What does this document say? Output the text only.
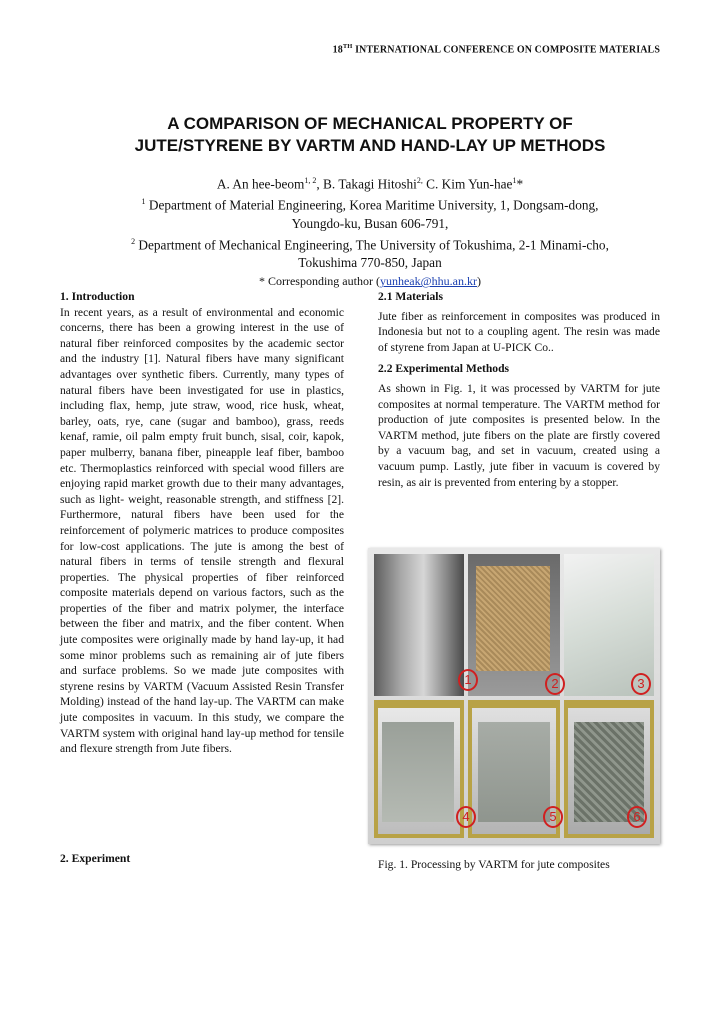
18TH INTERNATIONAL CONFERENCE ON COMPOSITE MATERIALS
A COMPARISON OF MECHANICAL PROPERTY OF
JUTE/STYRENE BY VARTM AND HAND-LAY UP METHODS
A. An hee-beom$^{1, 2}$, B. Takagi Hitoshi$^{2,}$ C. Kim Yun-hae$^1$*
$^1$ Department of Material Engineering, Korea Maritime University, 1, Dongsam-dong,
Youngdo-ku, Busan 606-791,
$^2$ Department of Mechanical Engineering, The University of Tokushima, 2-1 Minami-cho,
Tokushima 770-850, Japan
* Corresponding author (yunheak@hhu.an.kr)
1. Introduction

In recent years, as a result of environmental and economic concerns, there has been a growing interest in the use of natural fiber reinforced composites by the academic sector and the industry [1]. Natural fibers have many significant advantages over synthetic fibers. Currently, many types of natural fibers have been investigated for use in plastics, including flax, hemp, jute straw, wood, rice husk, wheat, barley, oats, rye, cane (sugar and bamboo), grass, reeds kenaf, ramie, oil palm empty fruit bunch, sisal, coir, kapok, paper mulberry, banana fiber, pineapple leaf fiber, bamboo etc. Thermoplastics reinforced with special wood fillers are enjoying rapid market growth due to their many advantages, such as light- weight, reasonable strength, and stiffness [2]. Furthermore, natural fibers have been used for the reinforcement of polymeric matrices to produce composites for low-cost applications. The jute is among the best of natural fibers in terms of tensile strength and flexural properties. The physical properties of fiber reinforced composite materials depend on various factors, such as the properties of the fiber and matrix polymer, the interface between the fiber and matrix, and the fiber content. When jute composites were originally made by hand lay-up, it had some minor problems such as remaining air of jute fibers and surface problems. So we made jute composites with styrene resins by VARTM (Vacuum Assisted Resin Transfer Molding) instead of the hand lay-up. The VARTM can make jute composites in vacuum. In this study, we compare the VARTM system with original hand lay-up method for tensile and flexure strength from Jute fibers.

2. Experiment
2.1 Materials

Jute fiber as reinforcement in composites was produced in Indonesia but not to a coupling agent. The resin was made of styrene from Japan at U-PICK Co..

2.2 Experimental Methods

As shown in Fig. 1, it was processed by VARTM for jute composites at normal temperature. The VARTM method for production of jute composites is presented below. In the VARTM method, jute fibers on the plate are firstly covered by a vacuum bag, and set in vacuum, created using a vacuum pump. Lastly, jute fiber in vacuum is covered by resin, as air is prevented from entering by a stopper.

1	2	3
4	5	6
Fig. 1. Processing by VARTM for jute composites
